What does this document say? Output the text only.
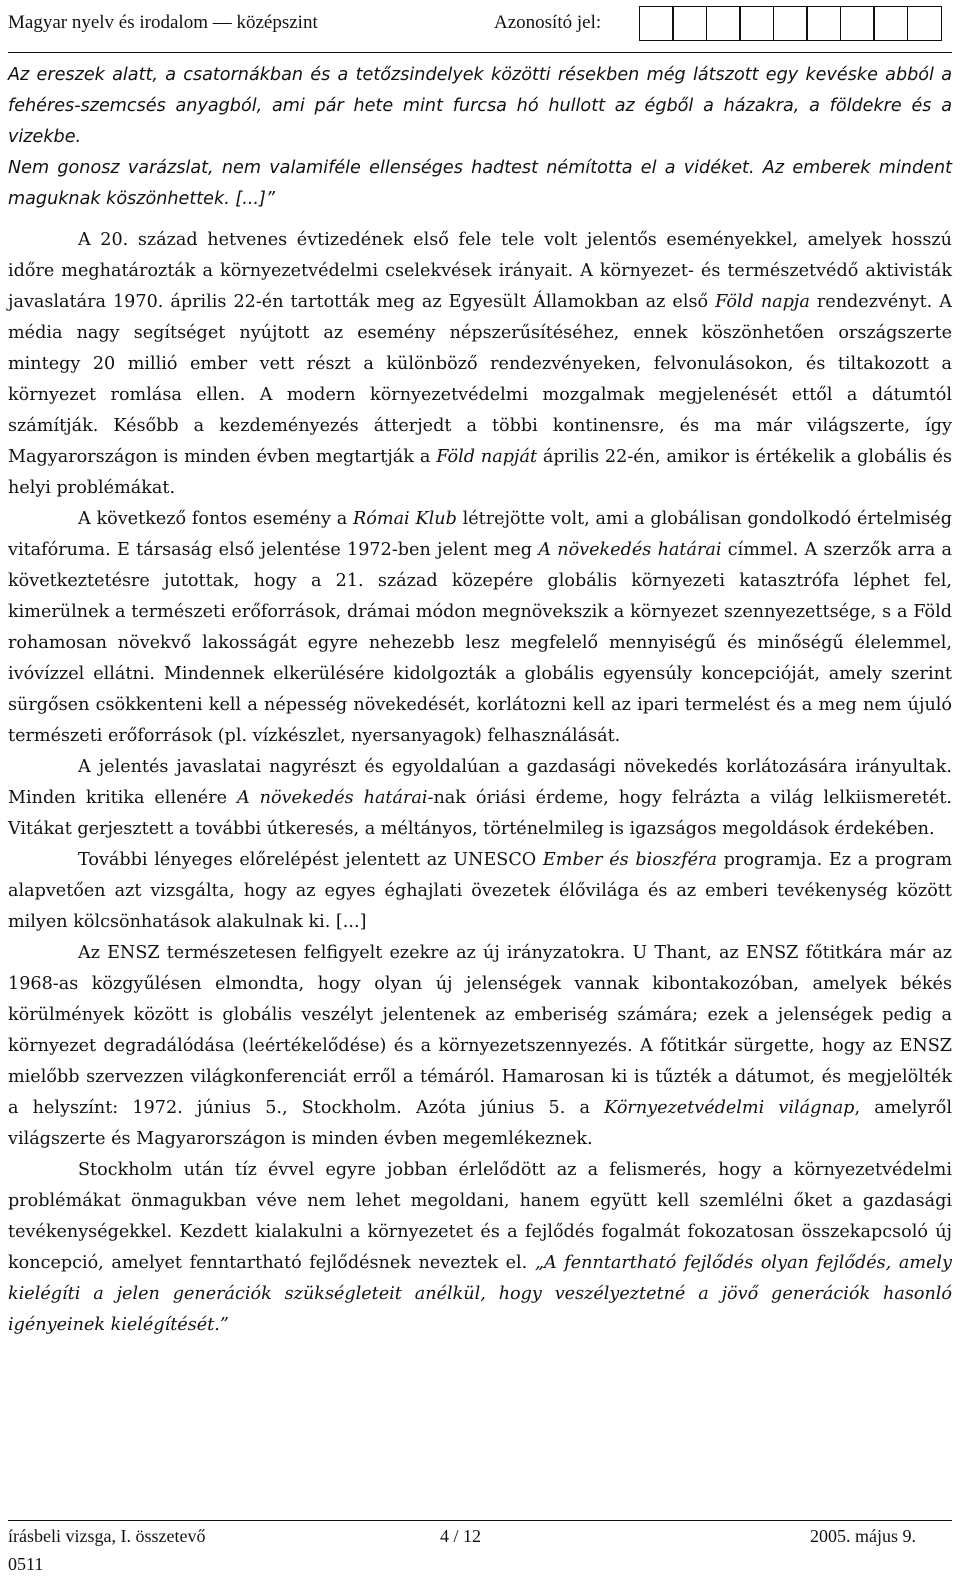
Magyar nyelv és irodalom — középszint	Azonosító jel:

Az ereszek alatt, a csatornákban és a tetőzsindelyek közötti résekben még látszott egy kevéske abból a fehéres-szemcsés anyagból, ami pár hete mint furcsa hó hullott az égből a házakra, a földekre és a vizekbe.

Nem gonosz varázslat, nem valamiféle ellenséges hadtest némította el a vidéket. Az emberek mindent maguknak köszönhettek. [...]”

A 20. század hetvenes évtizedének első fele tele volt jelentős eseményekkel, amelyek hosszú időre meghatározták a környezetvédelmi cselekvések irányait. A környezet- és természetvédő aktivisták javaslatára 1970. április 22-én tartották meg az Egyesült Államokban az első Föld napja rendezvényt. A média nagy segítséget nyújtott az esemény népszerűsítéséhez, ennek köszönhetően országszerte mintegy 20 millió ember vett részt a különböző rendezvényeken, felvonulásokon, és tiltakozott a környezet romlása ellen. A modern környezetvédelmi mozgalmak megjelenését ettől a dátumtól számítják. Később a kezdeményezés átterjedt a többi kontinensre, és ma már világszerte, így Magyarországon is minden évben megtartják a Föld napját április 22-én, amikor is értékelik a globális és helyi problémákat.

A következő fontos esemény a Római Klub létrejötte volt, ami a globálisan gondolkodó értelmiség vitafóruma. E társaság első jelentése 1972-ben jelent meg A növekedés határai címmel. A szerzők arra a következtetésre jutottak, hogy a 21. század közepére globális környezeti katasztrófa léphet fel, kimerülnek a természeti erőforrások, drámai módon megnövekszik a környezet szennyezettsége, s a Föld rohamosan növekvő lakosságát egyre nehezebb lesz megfelelő mennyiségű és minőségű élelemmel, ivóvízzel ellátni. Mindennek elkerülésére kidolgozták a globális egyensúly koncepcióját, amely szerint sürgősen csökkenteni kell a népesség növekedését, korlátozni kell az ipari termelést és a meg nem újuló természeti erőforrások (pl. vízkészlet, nyersanyagok) felhasználását.

A jelentés javaslatai nagyrészt és egyoldalúan a gazdasági növekedés korlátozására irányultak. Minden kritika ellenére A növekedés határai-nak óriási érdeme, hogy felrázta a világ lelkiismeretét. Vitákat gerjesztett a további útkeresés, a méltányos, történelmileg is igazságos megoldások érdekében.

További lényeges előrelépést jelentett az UNESCO Ember és bioszféra programja. Ez a program alapvetően azt vizsgálta, hogy az egyes éghajlati övezetek élővilága és az emberi tevékenység között milyen kölcsönhatások alakulnak ki. [...]

Az ENSZ természetesen felfigyelt ezekre az új irányzatokra. U Thant, az ENSZ főtitkára már az 1968-as közgyűlésen elmondta, hogy olyan új jelenségek vannak kibontakozóban, amelyek békés körülmények között is globális veszélyt jelentenek az emberiség számára; ezek a jelenségek pedig a környezet degradálódása (leértékelődése) és a környezetszennyezés. A főtitkár sürgette, hogy az ENSZ mielőbb szervezzen világkonferenciát erről a témáról. Hamarosan ki is tűzték a dátumot, és megjelölték a helyszínt: 1972. június 5., Stockholm. Azóta június 5. a Környezetvédelmi világnap, amelyről világszerte és Magyarországon is minden évben megemlékeznek.

Stockholm után tíz évvel egyre jobban érlelődött az a felismerés, hogy a környezetvédelmi problémákat önmagukban véve nem lehet megoldani, hanem együtt kell szemlélni őket a gazdasági tevékenységekkel. Kezdett kialakulni a környezetet és a fejlődés fogalmát fokozatosan összekapcsoló új koncepció, amelyet fenntartható fejlődésnek neveztek el. „A fenntartható fejlődés olyan fejlődés, amely kielégíti a jelen generációk szükségleteit anélkül, hogy veszélyeztetné a jövő generációk hasonló igényeinek kielégítését.”

írásbeli vizsga, I. összetevő	4 / 12	2005. május 9.
0511
